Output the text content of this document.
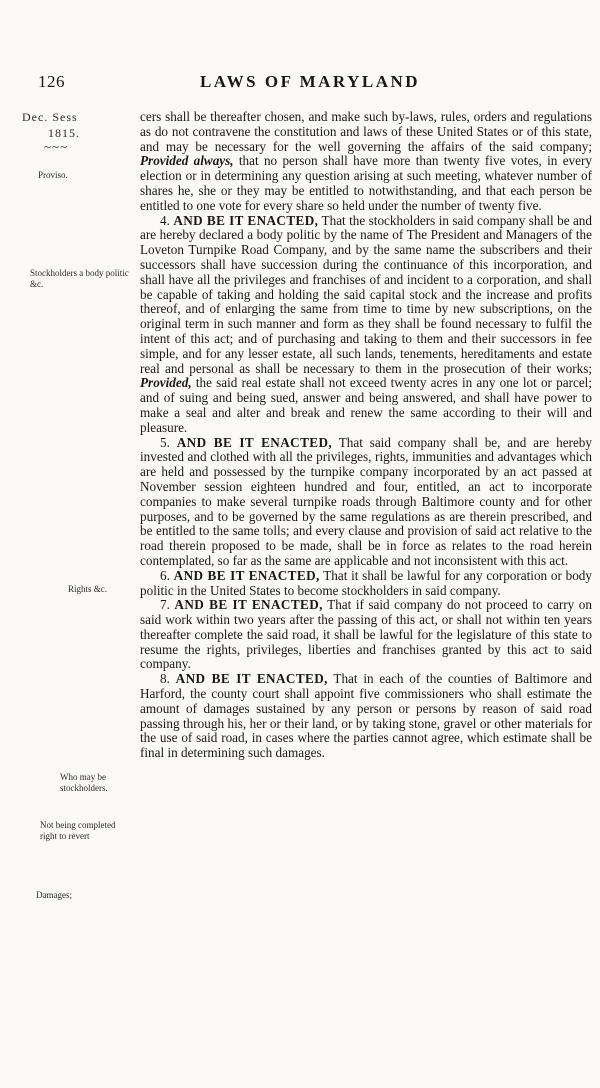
126	LAWS OF MARYLAND
Dec. Sess
1815.
~~~
Proviso.
Stockholders a body politic &c.
Rights &c.
Who may be stockholders.
Not being completed right to revert
Damages;

cers shall be thereafter chosen, and make such by-laws, rules, orders and regulations as do not contravene the constitution and laws of these United States or of this state, and may be necessary for the well governing the affairs of the said company; Provided always, that no person shall have more than twenty five votes, in every election or in determining any question arising at such meeting, whatever number of shares he, she or they may be entitled to notwithstanding, and that each person be entitled to one vote for every share so held under the number of twenty five.

4. AND BE IT ENACTED, That the stockholders in said company shall be and are hereby declared a body politic by the name of The President and Managers of the Loveton Turnpike Road Company, and by the same name the subscribers and their successors shall have succession during the continuance of this incorporation, and shall have all the privileges and franchises of and incident to a corporation, and shall be capable of taking and holding the said capital stock and the increase and profits thereof, and of enlarging the same from time to time by new subscriptions, on the original term in such manner and form as they shall be found necessary to fulfil the intent of this act; and of purchasing and taking to them and their successors in fee simple, and for any lesser estate, all such lands, tenements, hereditaments and estate real and personal as shall be necessary to them in the prosecution of their works; Provided, the said real estate shall not exceed twenty acres in any one lot or parcel; and of suing and being sued, answer and being answered, and shall have power to make a seal and alter and break and renew the same according to their will and pleasure.

5. AND BE IT ENACTED, That said company shall be, and are hereby invested and clothed with all the privileges, rights, immunities and advantages which are held and possessed by the turnpike company incorporated by an act passed at November session eighteen hundred and four, entitled, an act to incorporate companies to make several turnpike roads through Baltimore county and for other purposes, and to be governed by the same regulations as are therein prescribed, and be entitled to the same tolls; and every clause and provision of said act relative to the road therein proposed to be made, shall be in force as relates to the road herein contemplated, so far as the same are applicable and not inconsistent with this act.

6. AND BE IT ENACTED, That it shall be lawful for any corporation or body politic in the United States to become stockholders in said company.

7. AND BE IT ENACTED, That if said company do not proceed to carry on said work within two years after the passing of this act, or shall not within ten years thereafter complete the said road, it shall be lawful for the legislature of this state to resume the rights, privileges, liberties and franchises granted by this act to said company.

8. AND BE IT ENACTED, That in each of the counties of Baltimore and Harford, the county court shall appoint five commissioners who shall estimate the amount of damages sustained by any person or persons by reason of said road passing through his, her or their land, or by taking stone, gravel or other materials for the use of said road, in cases where the parties cannot agree, which estimate shall be final in determining such damages.
